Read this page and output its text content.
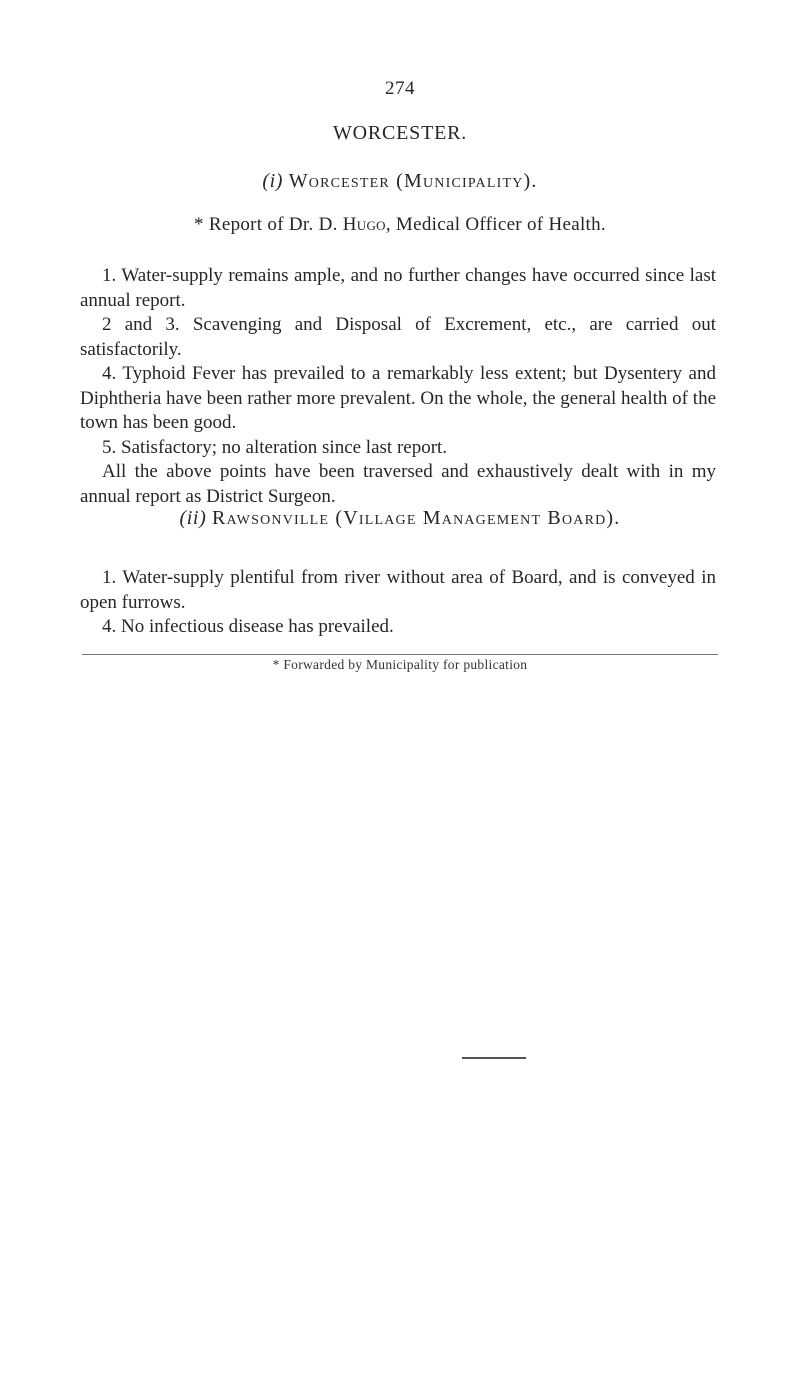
274
WORCESTER.
(i) Worcester (Municipality).
* Report of Dr. D. Hugo, Medical Officer of Health.

1. Water-supply remains ample, and no further changes have occurred since last annual report.

2 and 3. Scavenging and Disposal of Excrement, etc., are carried out satisfactorily.

4. Typhoid Fever has prevailed to a remarkably less extent; but Dysentery and Diphtheria have been rather more prevalent. On the whole, the general health of the town has been good.

5. Satisfactory; no alteration since last report.

All the above points have been traversed and exhaustively dealt with in my annual report as District Surgeon.

(ii) Rawsonville (Village Management Board).

1. Water-supply plentiful from river without area of Board, and is conveyed in open furrows.

4. No infectious disease has prevailed.

* Forwarded by Municipality for publication
